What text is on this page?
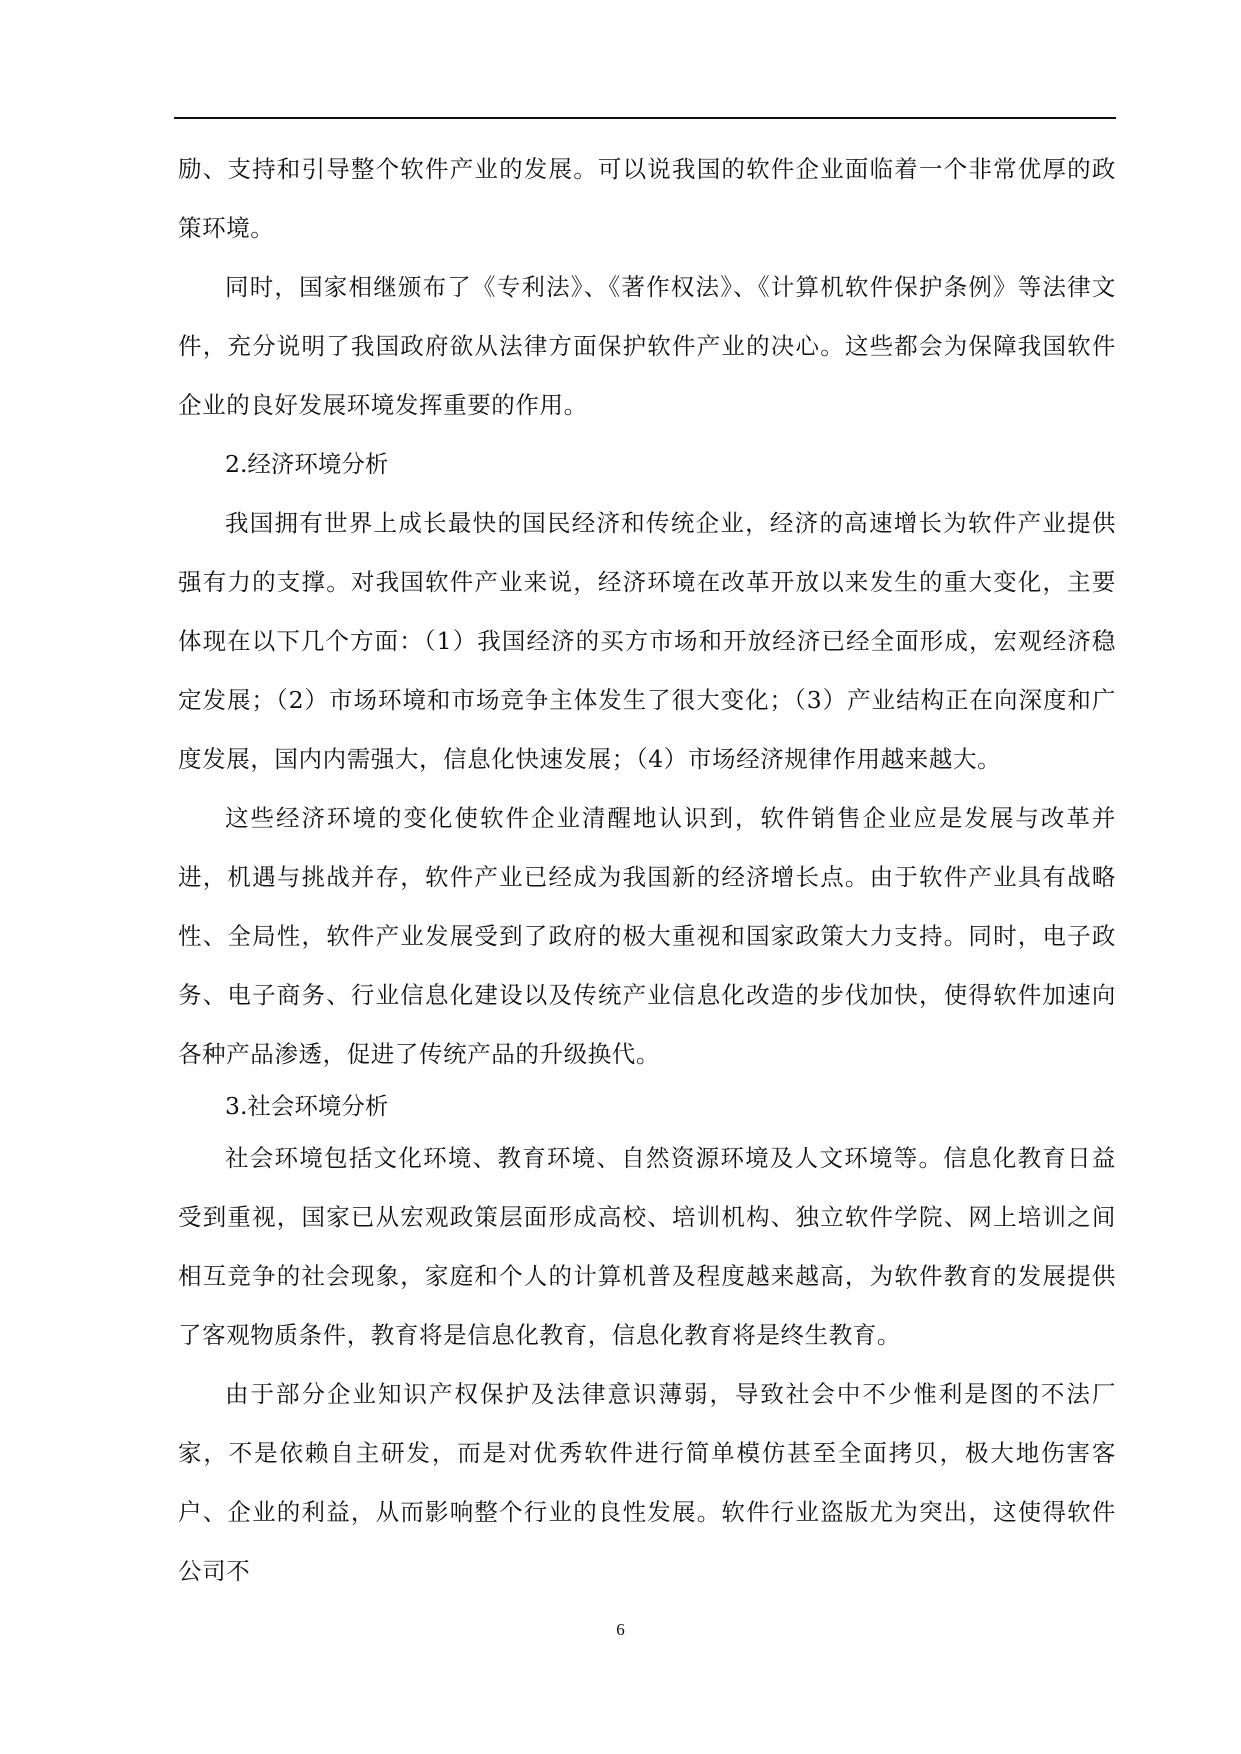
励、支持和引导整个软件产业的发展。可以说我国的软件企业面临着一个非常优厚的政策环境。

同时，国家相继颁布了《专利法》、《著作权法》、《计算机软件保护条例》等法律文件，充分说明了我国政府欲从法律方面保护软件产业的决心。这些都会为保障我国软件企业的良好发展环境发挥重要的作用。

2.经济环境分析

我国拥有世界上成长最快的国民经济和传统企业，经济的高速增长为软件产业提供强有力的支撑。对我国软件产业来说，经济环境在改革开放以来发生的重大变化，主要体现在以下几个方面：（1）我国经济的买方市场和开放经济已经全面形成，宏观经济稳定发展；（2）市场环境和市场竞争主体发生了很大变化；（3）产业结构正在向深度和广度发展，国内内需强大，信息化快速发展；（4）市场经济规律作用越来越大。

这些经济环境的变化使软件企业清醒地认识到，软件销售企业应是发展与改革并进，机遇与挑战并存，软件产业已经成为我国新的经济增长点。由于软件产业具有战略性、全局性，软件产业发展受到了政府的极大重视和国家政策大力支持。同时，电子政务、电子商务、行业信息化建设以及传统产业信息化改造的步伐加快，使得软件加速向各种产品渗透，促进了传统产品的升级换代。

3.社会环境分析

社会环境包括文化环境、教育环境、自然资源环境及人文环境等。信息化教育日益受到重视，国家已从宏观政策层面形成高校、培训机构、独立软件学院、网上培训之间相互竞争的社会现象，家庭和个人的计算机普及程度越来越高，为软件教育的发展提供了客观物质条件，教育将是信息化教育，信息化教育将是终生教育。

由于部分企业知识产权保护及法律意识薄弱，导致社会中不少惟利是图的不法厂家，不是依赖自主研发，而是对优秀软件进行简单模仿甚至全面拷贝，极大地伤害客户、企业的利益，从而影响整个行业的良性发展。软件行业盗版尤为突出，这使得软件公司不

6
